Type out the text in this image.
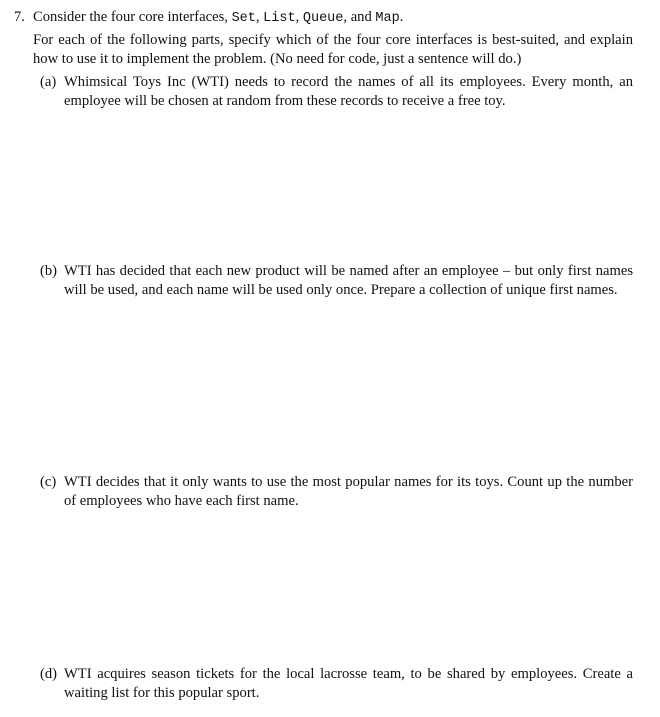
7. Consider the four core interfaces, Set, List, Queue, and Map.
For each of the following parts, specify which of the four core interfaces is best-suited, and explain how to use it to implement the problem. (No need for code, just a sentence will do.)
(a) Whimsical Toys Inc (WTI) needs to record the names of all its employees. Every month, an employee will be chosen at random from these records to receive a free toy.
(b) WTI has decided that each new product will be named after an employee – but only first names will be used, and each name will be used only once. Prepare a collection of unique first names.
(c) WTI decides that it only wants to use the most popular names for its toys. Count up the number of employees who have each first name.
(d) WTI acquires season tickets for the local lacrosse team, to be shared by employees. Create a waiting list for this popular sport.
